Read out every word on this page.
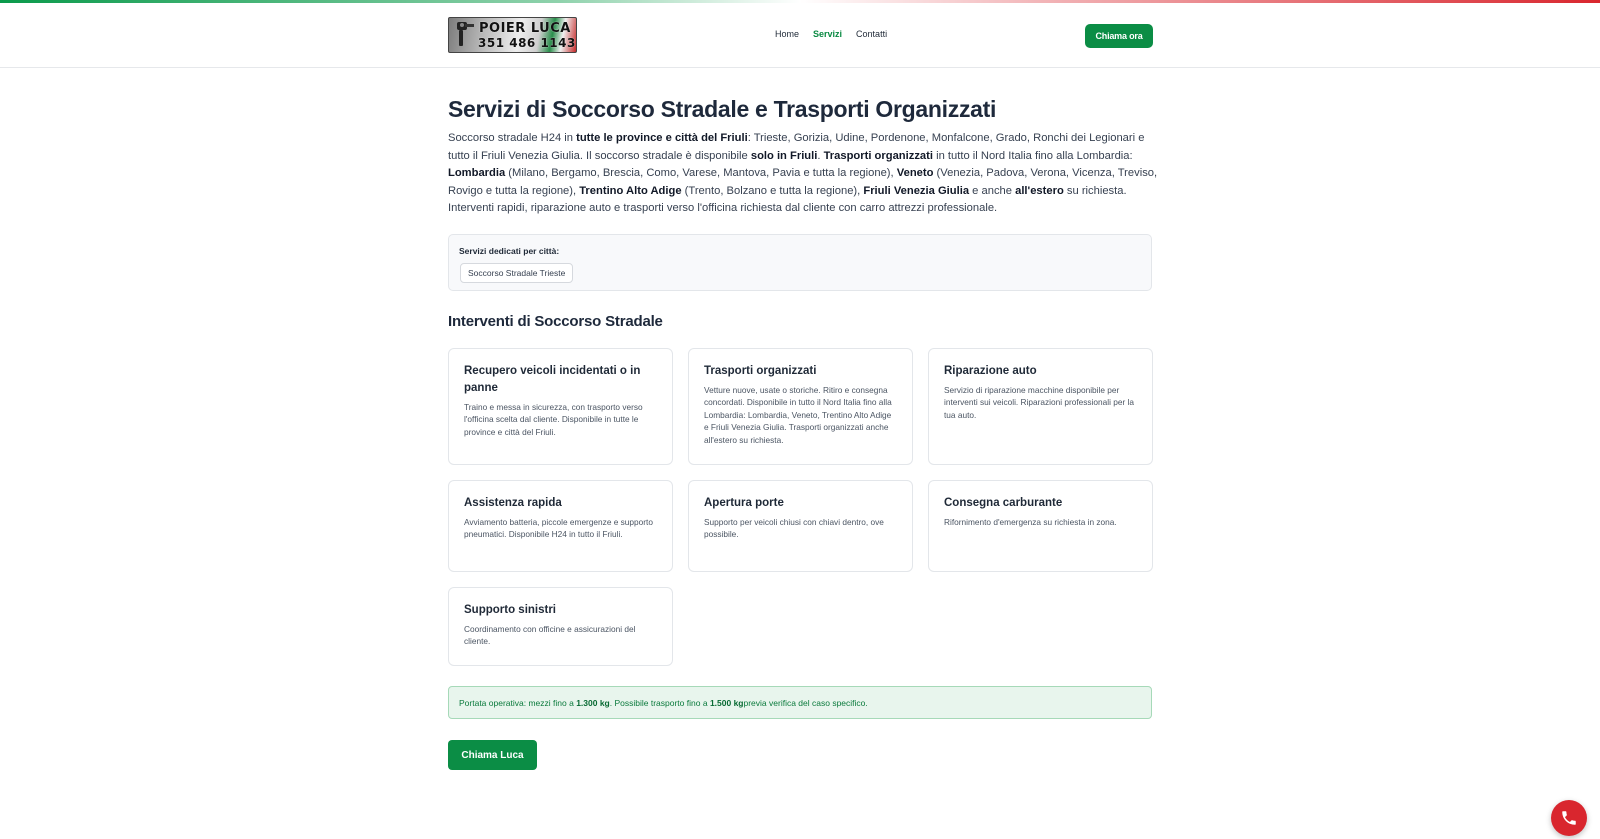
POIER LUCA
351 486 1143
Home Servizi Contatti	Chiama ora
Servizi di Soccorso Stradale e Trasporti Organizzati

Soccorso stradale H24 in tutte le province e città del Friuli: Trieste, Gorizia, Udine, Pordenone, Monfalcone, Grado, Ronchi dei Legionari e tutto il Friuli Venezia Giulia. Il soccorso stradale è disponibile solo in Friuli. Trasporti organizzati in tutto il Nord Italia fino alla Lombardia: Lombardia (Milano, Bergamo, Brescia, Como, Varese, Mantova, Pavia e tutta la regione), Veneto (Venezia, Padova, Verona, Vicenza, Treviso, Rovigo e tutta la regione), Trentino Alto Adige (Trento, Bolzano e tutta la regione), Friuli Venezia Giulia e anche all'estero su richiesta. Interventi rapidi, riparazione auto e trasporti verso l'officina richiesta dal cliente con carro attrezzi professionale.

Servizi dedicati per città:
Soccorso Stradale Trieste
Interventi di Soccorso Stradale

Recupero veicoli incidentati o in panne

Traino e messa in sicurezza, con trasporto verso l'officina scelta dal cliente. Disponibile in tutte le province e città del Friuli.

Trasporti organizzati

Vetture nuove, usate o storiche. Ritiro e consegna concordati. Disponibile in tutto il Nord Italia fino alla Lombardia: Lombardia, Veneto, Trentino Alto Adige e Friuli Venezia Giulia. Trasporti organizzati anche all'estero su richiesta.

Riparazione auto

Servizio di riparazione macchine disponibile per interventi sui veicoli. Riparazioni professionali per la tua auto.

Assistenza rapida

Avviamento batteria, piccole emergenze e supporto pneumatici. Disponibile H24 in tutto il Friuli.

Apertura porte

Supporto per veicoli chiusi con chiavi dentro, ove possibile.

Consegna carburante

Rifornimento d'emergenza su richiesta in zona.

Supporto sinistri

Coordinamento con officine e assicurazioni del cliente.

Portata operativa: mezzi fino a
1.300 kg . Possibile trasporto fino a
1.500 kg previa verifica del caso specifico.
Chiama Luca
